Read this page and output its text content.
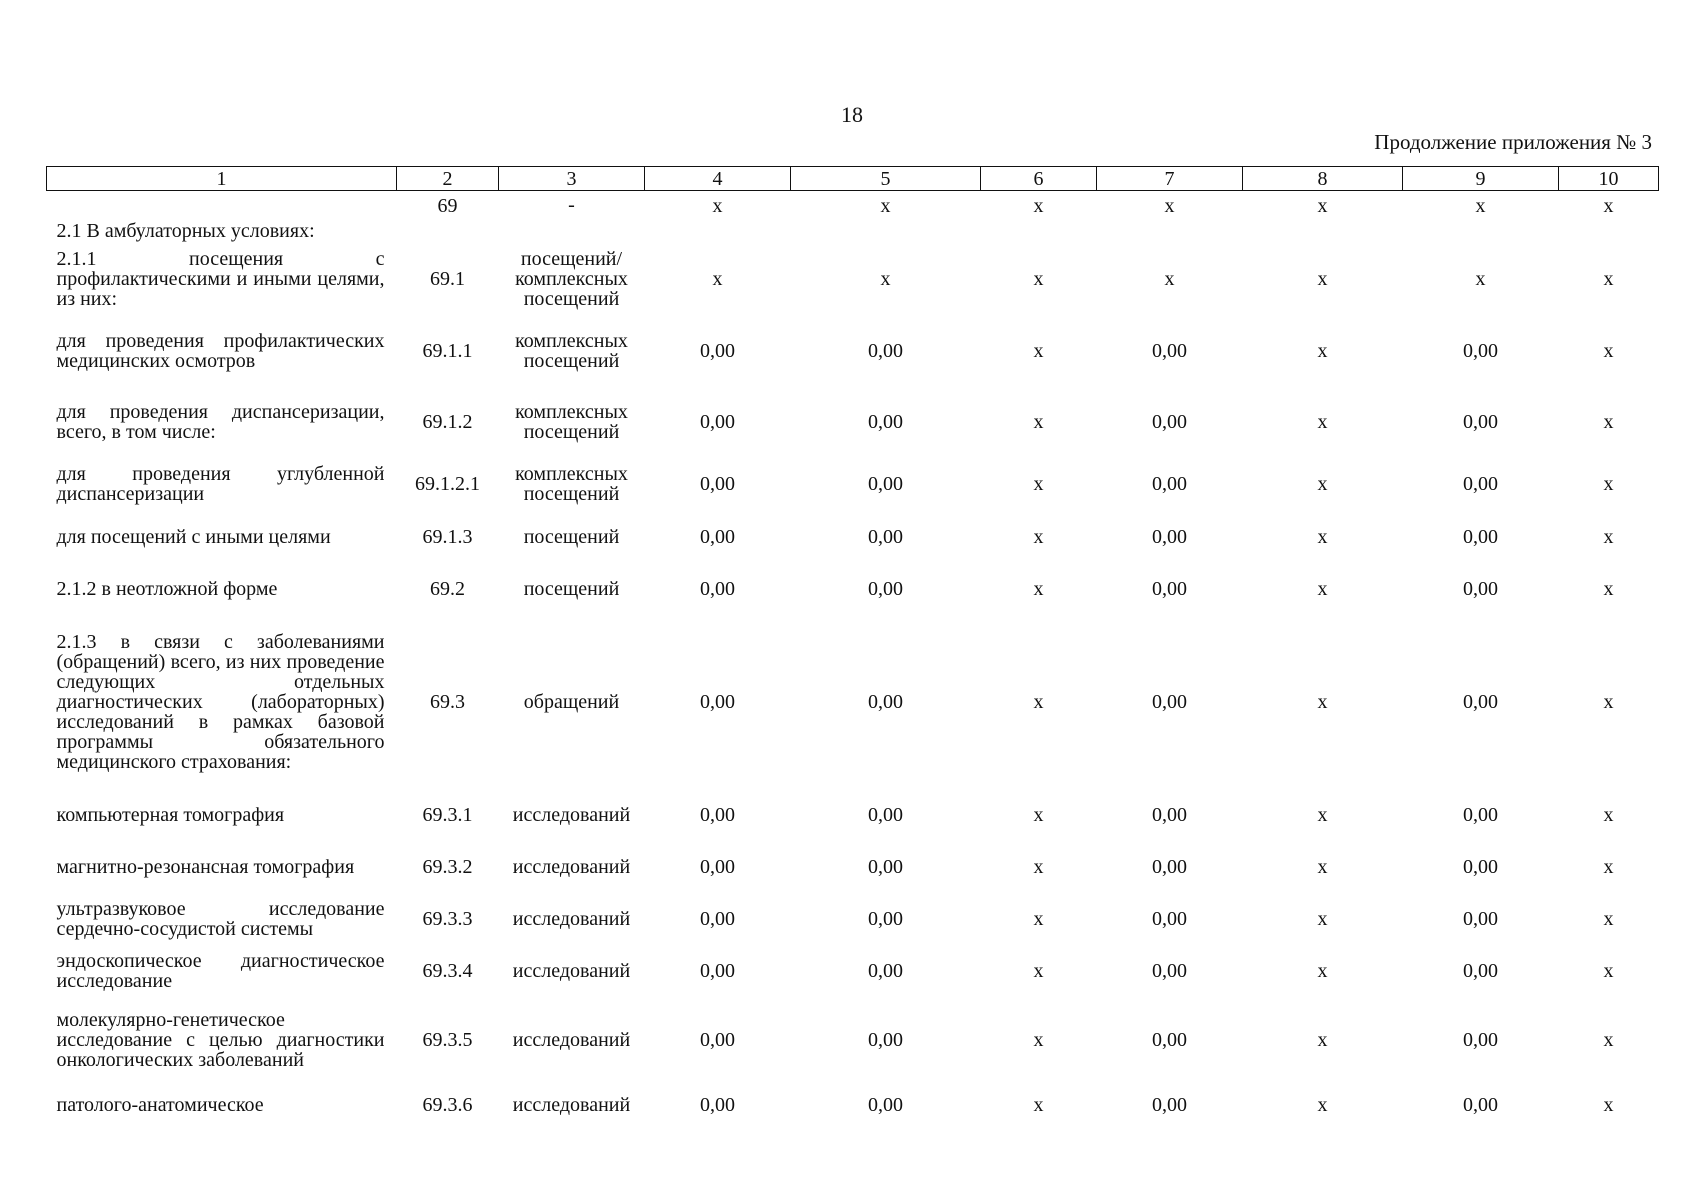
18
Продолжение приложения № 3
1	2	3	4	5	6	7	8	9	10
2.1 В амбулаторных условиях:	69	-	х	х	х	х	х	х	х
2.1.1 посещения с профилактическими и иными целями, из них:	69.1	посещений/ комплексных посещений	х	х	х	х	х	х	х
для проведения профилактических медицинских осмотров	69.1.1	комплексных посещений	0,00	0,00	х	0,00	х	0,00	х
для проведения диспансеризации, всего, в том числе:	69.1.2	комплексных посещений	0,00	0,00	х	0,00	х	0,00	х
для проведения углубленной диспансеризации	69.1.2.1	комплексных посещений	0,00	0,00	х	0,00	х	0,00	х
для посещений с иными целями	69.1.3	посещений	0,00	0,00	х	0,00	х	0,00	х
2.1.2 в неотложной форме	69.2	посещений	0,00	0,00	х	0,00	х	0,00	х
2.1.3 в связи с заболеваниями (обращений) всего, из них проведение следующих отдельных диагностических (лабораторных) исследований в рамках базовой программы обязательного медицинского страхования:	69.3	обращений	0,00	0,00	х	0,00	х	0,00	х
компьютерная томография	69.3.1	исследований	0,00	0,00	х	0,00	х	0,00	х
магнитно-резонансная томография	69.3.2	исследований	0,00	0,00	х	0,00	х	0,00	х
ультразвуковое исследование сердечно-сосудистой системы	69.3.3	исследований	0,00	0,00	х	0,00	х	0,00	х
эндоскопическое диагностическое исследование	69.3.4	исследований	0,00	0,00	х	0,00	х	0,00	х
молекулярно-генетическое исследование с целью диагностики онкологических заболеваний	69.3.5	исследований	0,00	0,00	х	0,00	х	0,00	х
патолого-анатомическое	69.3.6	исследований	0,00	0,00	х	0,00	х	0,00	х
